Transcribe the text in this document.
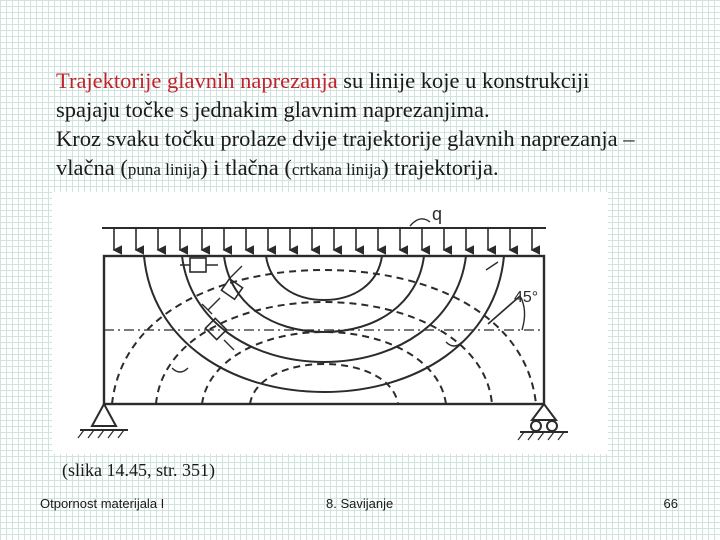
Trajektorije glavnih naprezanja su linije koje u konstrukciji
spajaju točke s jednakim glavnim naprezanjima.
Kroz svaku točku prolaze dvije trajektorije glavnih naprezanja –
vlačna (puna linija) i tlačna (crtkana linija) trajektorija.
q
45°
(slika 14.45, str. 351)
Otpornost materijala I	8. Savijanje	66
